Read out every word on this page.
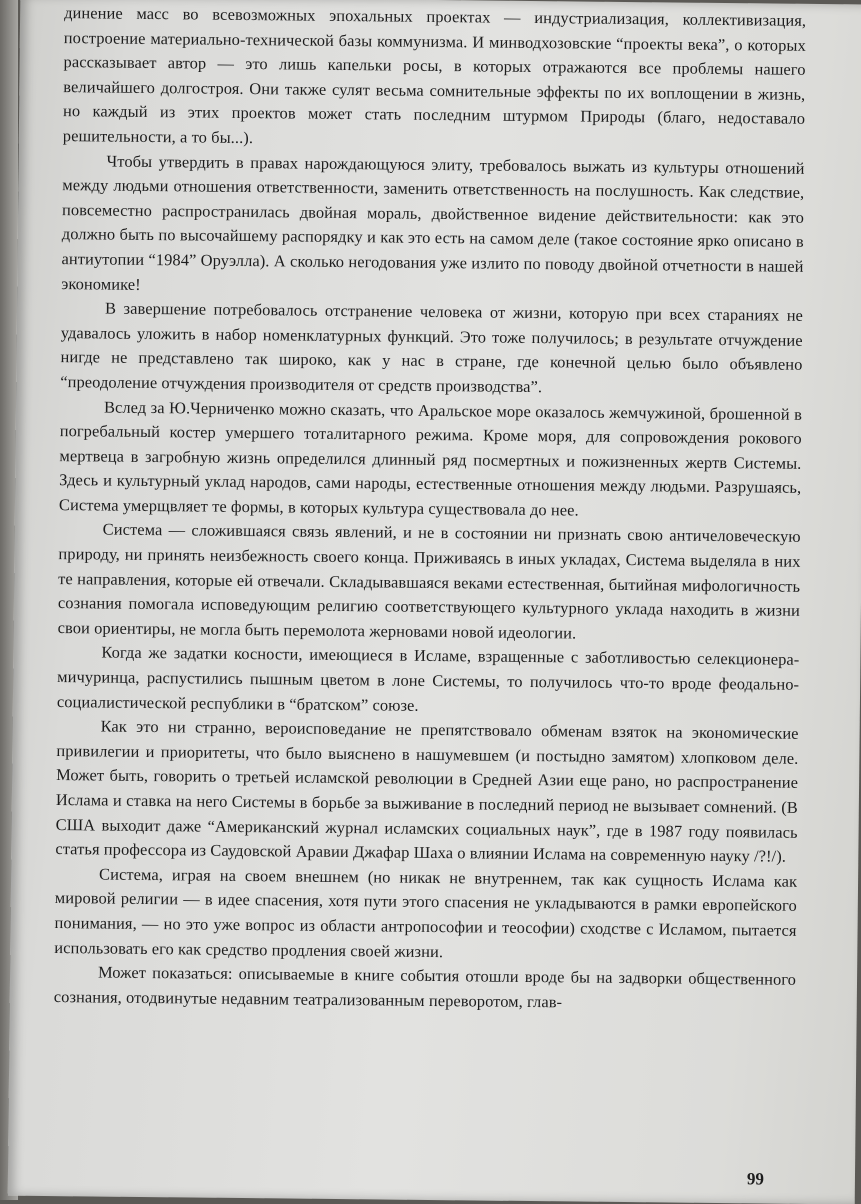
динение масс во всевозможных эпохальных проектах — индустриализация, коллективизация, построение материально-технической базы коммунизма. И минводхозовские “проекты века”, о которых рассказывает автор — это лишь капельки росы, в которых отражаются все проблемы нашего величайшего долгостроя. Они также сулят весьма сомнительные эффекты по их воплощении в жизнь, но каждый из этих проектов может стать последним штурмом Природы (благо, недоставало решительности, а то бы...).

Чтобы утвердить в правах нарождающуюся элиту, требовалось выжать из культуры отношений между людьми отношения ответственности, заменить ответственность на послушность. Как следствие, повсеместно распространилась двойная мораль, двойственное видение действительности: как это должно быть по высочайшему распорядку и как это есть на самом деле (такое состояние ярко описано в антиутопии “1984” Оруэлла). А сколько негодования уже излито по поводу двойной отчетности в нашей экономике!

В завершение потребовалось отстранение человека от жизни, которую при всех стараниях не удавалось уложить в набор номенклатурных функций. Это тоже получилось; в результате отчуждение нигде не представлено так широко, как у нас в стране, где конечной целью было объявлено “преодоление отчуждения производителя от средств производства”.

Вслед за Ю.Черниченко можно сказать, что Аральское море оказалось жемчужиной, брошенной в погребальный костер умершего тоталитарного режима. Кроме моря, для сопровождения рокового мертвеца в загробную жизнь определился длинный ряд посмертных и пожизненных жертв Системы. Здесь и культурный уклад народов, сами народы, естественные отношения между людьми. Разрушаясь, Система умерщвляет те формы, в которых культура существовала до нее.

Система — сложившаяся связь явлений, и не в состоянии ни признать свою античеловеческую природу, ни принять неизбежность своего конца. Приживаясь в иных укладах, Система выделяла в них те направления, которые ей отвечали. Складывавшаяся веками естественная, бытийная мифологичность сознания помогала исповедующим религию соответствующего культурного уклада находить в жизни свои ориентиры, не могла быть перемолота жерновами новой идеологии.

Когда же задатки косности, имеющиеся в Исламе, взращенные с заботливостью селекционера-мичуринца, распустились пышным цветом в лоне Системы, то получилось что-то вроде феодально-социалистической республики в “братском” союзе.

Как это ни странно, вероисповедание не препятствовало обменам взяток на экономические привилегии и приоритеты, что было выяснено в нашумевшем (и постыдно замятом) хлопковом деле. Может быть, говорить о третьей исламской революции в Средней Азии еще рано, но распространение Ислама и ставка на него Системы в борьбе за выживание в последний период не вызывает сомнений. (В США выходит даже “Американский журнал исламских социальных наук”, где в 1987 году появилась статья профессора из Саудовской Аравии Джафар Шаха о влиянии Ислама на современную науку /?!/).

Система, играя на своем внешнем (но никак не внутреннем, так как сущность Ислама как мировой религии — в идее спасения, хотя пути этого спасения не укладываются в рамки европейского понимания, — но это уже вопрос из области антропософии и теософии) сходстве с Исламом, пытается использовать его как средство продления своей жизни.

Может показаться: описываемые в книге события отошли вроде бы на задворки общественного сознания, отодвинутые недавним театрализованным переворотом, глав-

99
